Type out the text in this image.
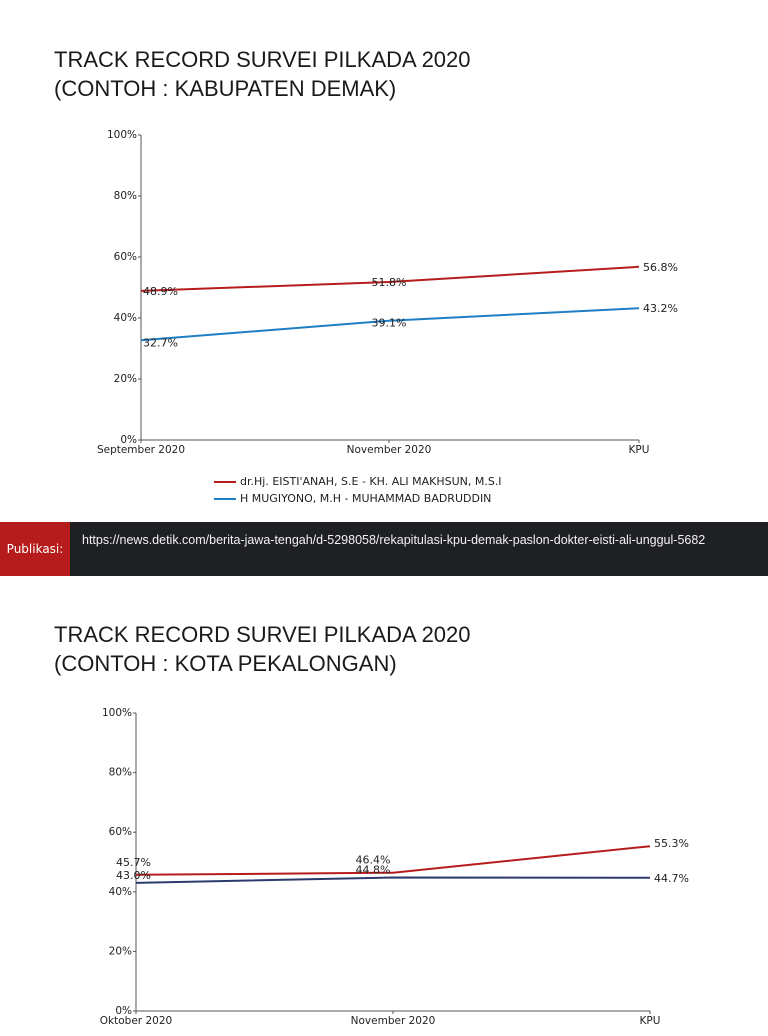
TRACK RECORD SURVEI PILKADA 2020
(CONTOH : KABUPATEN DEMAK)
0%
20%
40%
60%
80%
100%
September 2020	November 2020	KPU
48.9%
51.8%
56.8%
32.7%
39.1%
43.2%
dr.Hj. EISTI'ANAH, S.E - KH. ALI MAKHSUN, M.S.I
H MUGIYONO, M.H - MUHAMMAD BADRUDDIN
Publikasi:
https://news.detik.com/berita-jawa-tengah/d-5298058/rekapitulasi-kpu-demak-paslon-dokter-eisti-ali-unggul-5682
TRACK RECORD SURVEI PILKADA 2020
(CONTOH : KOTA PEKALONGAN)
0%
20%
40%
60%
80%
100%
Oktober 2020	November 2020	KPU
45.7%	46.4%
55.3%
43.0%	44.8%
44.7%
